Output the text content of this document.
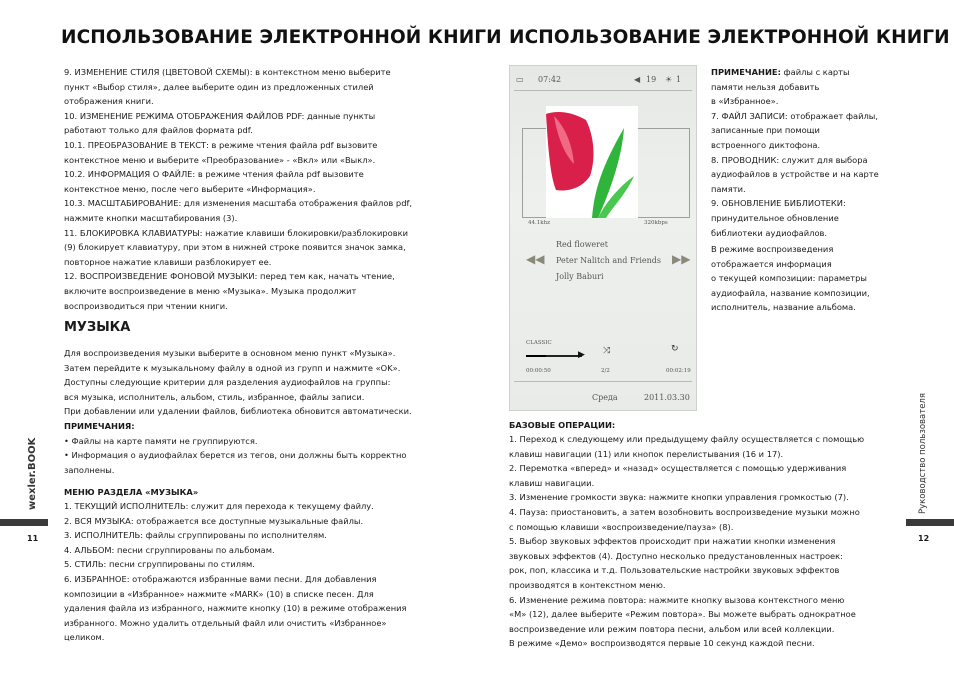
ИСПОЛЬЗОВАНИЕ ЭЛЕКТРОННОЙ КНИГИ
9. ИЗМЕНЕНИЕ СТИЛЯ (ЦВЕТОВОЙ СХЕМЫ): в контекстном меню выберите
пункт «Выбор стиля», далее выберите один из предложенных стилей
отображения книги.
10. ИЗМЕНЕНИЕ РЕЖИМА ОТОБРАЖЕНИЯ ФАЙЛОВ PDF: данные пункты
работают только для файлов формата pdf.
10.1. ПРЕОБРАЗОВАНИЕ В ТЕКСТ: в режиме чтения файла pdf вызовите
контекстное меню и выберите «Преобразование» - «Вкл» или «Выкл».
10.2. ИНФОРМАЦИЯ О ФАЙЛЕ: в режиме чтения файла pdf вызовите
контекстное меню, после чего выберите «Информация».
10.3. МАСШТАБИРОВАНИЕ: для изменения масштаба отображения файлов pdf,
нажмите кнопки масштабирования (3).
11. БЛОКИРОВКА КЛАВИАТУРЫ: нажатие клавиши блокировки/разблокировки
(9) блокирует клавиатуру, при этом в нижней строке появится значок замка,
повторное нажатие клавиши разблокирует ее.
12. ВОСПРОИЗВЕДЕНИЕ ФОНОВОЙ МУЗЫКИ: перед тем как, начать чтение,
включите воспроизведение в меню «Музыка». Музыка продолжит
воспроизводиться при чтении книги.
МУЗЫКА
Для воспроизведения музыки выберите в основном меню пункт «Музыка».
Затем перейдите к музыкальному файлу в одной из групп и нажмите «OK».
Доступны следующие критерии для разделения аудиофайлов на группы:
вся музыка, исполнитель, альбом, стиль, избранное, файлы записи.
При добавлении или удалении файлов, библиотека обновится автоматически.
ПРИМЕЧАНИЯ:
• Файлы на карте памяти не группируются.
• Информация о аудиофайлах берется из тегов, они должны быть корректно
заполнены.
МЕНЮ РАЗДЕЛА «МУЗЫКА»
1. ТЕКУЩИЙ ИСПОЛНИТЕЛЬ: служит для перехода к текущему файлу.
2. ВСЯ МУЗЫКА: отображается все доступные музыкальные файлы.
3. ИСПОЛНИТЕЛЬ: файлы сгруппированы по исполнителям.
4. АЛЬБОМ: песни сгруппированы по альбомам.
5. СТИЛЬ: песни сгруппированы по стилям.
6. ИЗБРАННОЕ: отображаются избранные вами песни. Для добавления
композиции в «Избранное» нажмите «MARK» (10) в списке песен. Для
удаления файла из избранного, нажмите кнопку (10) в режиме отображения
избранного. Можно удалить отдельный файл или очистить «Избранное»
целиком.
wexler.BOOK
11
ИСПОЛЬЗОВАНИЕ ЭЛЕКТРОННОЙ КНИГИ
▭ 07:42	◀ 19 ☀ 1
44.1khz	320kbps
Red floweret
Peter Nalitch and Friends
Jolly Baburi
◀◀	▶▶
CLASSIC
▶ ⤨	↻
00:00:50	2/2	00:02:19
Среда	2011.03.30
ПРИМЕЧАНИЕ: файлы с карты
памяти нельзя добавить
в «Избранное».
7. ФАЙЛ ЗАПИСИ: отображает файлы,
записанные при помощи
встроенного диктофона.
8. ПРОВОДНИК: служит для выбора
аудиофайлов в устройстве и на карте
памяти.
9. ОБНОВЛЕНИЕ БИБЛИОТЕКИ:
принудительное обновление
библиотеки аудиофайлов.
В режиме воспроизведения
отображается информация
о текущей композиции: параметры
аудиофайла, название композиции,
исполнитель, название альбома.
БАЗОВЫЕ ОПЕРАЦИИ:
1. Переход к следующему или предыдущему файлу осуществляется с помощью
клавиш навигации (11) или кнопок перелистывания (16 и 17).
2. Перемотка «вперед» и «назад» осуществляется с помощью удерживания
клавиш навигации.
3. Изменение громкости звука: нажмите кнопки управления громкостью (7).
4. Пауза: приостановить, а затем возобновить воспроизведение музыки можно
с помощью клавиши «воспроизведение/пауза» (8).
5. Выбор звуковых эффектов происходит при нажатии кнопки изменения
звуковых эффектов (4). Доступно несколько предустановленных настроек:
рок, поп, классика и т.д. Пользовательские настройки звуковых эффектов
производятся в контекстном меню.
6. Изменение режима повтора: нажмите кнопку вызова контекстного меню
«M» (12), далее выберите «Режим повтора». Вы можете выбрать однократное
воспроизведение или режим повтора песни, альбом или всей коллекции.
В режиме «Демо» воспроизводятся первые 10 секунд каждой песни.
Руководство пользователя
12
